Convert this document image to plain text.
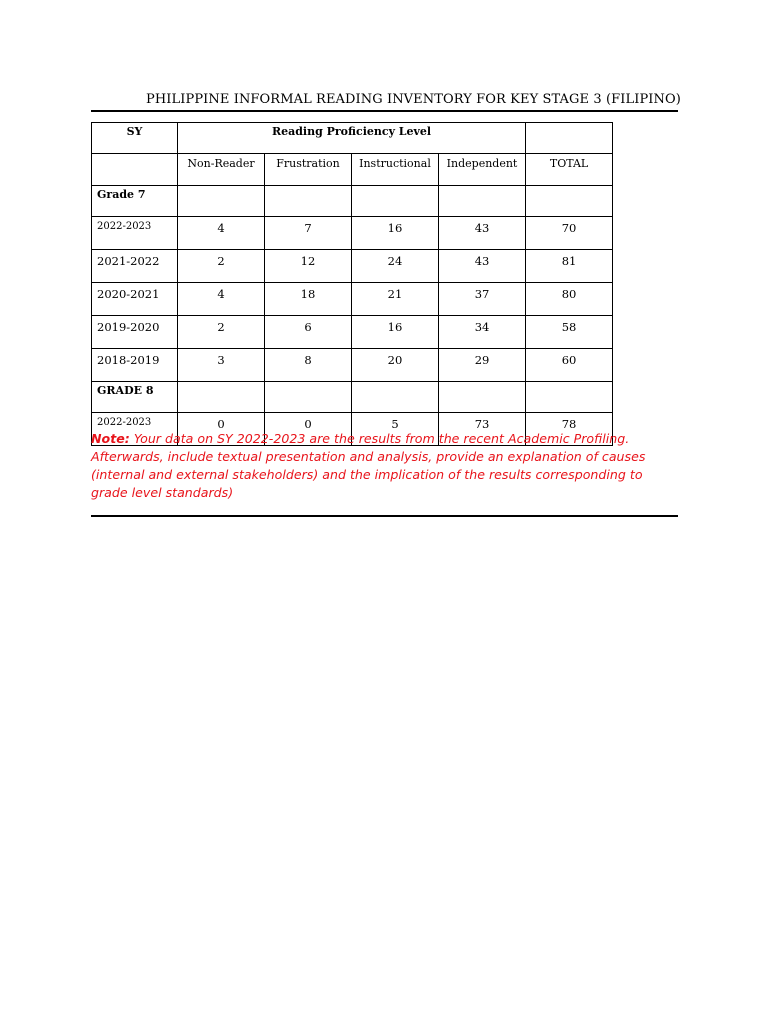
PHILIPPINE INFORMAL READING INVENTORY FOR KEY STAGE 3 (FILIPINO)
SY	Reading Proficiency Level				
	Non-Reader	Frustration	Instructional	Independent	TOTAL
Grade 7					
2022-2023	4	7	16	43	70
2021-2022	2	12	24	43	81
2020-2021	4	18	21	37	80
2019-2020	2	6	16	34	58
2018-2019	3	8	20	29	60
GRADE 8					
2022-2023	0	0	5	73	78
Note: Your data on SY 2022-2023 are the results from the recent Academic Profiling. Afterwards, include textual presentation and analysis, provide an explanation of causes (internal and external stakeholders) and the implication of the results corresponding to grade level standards)
